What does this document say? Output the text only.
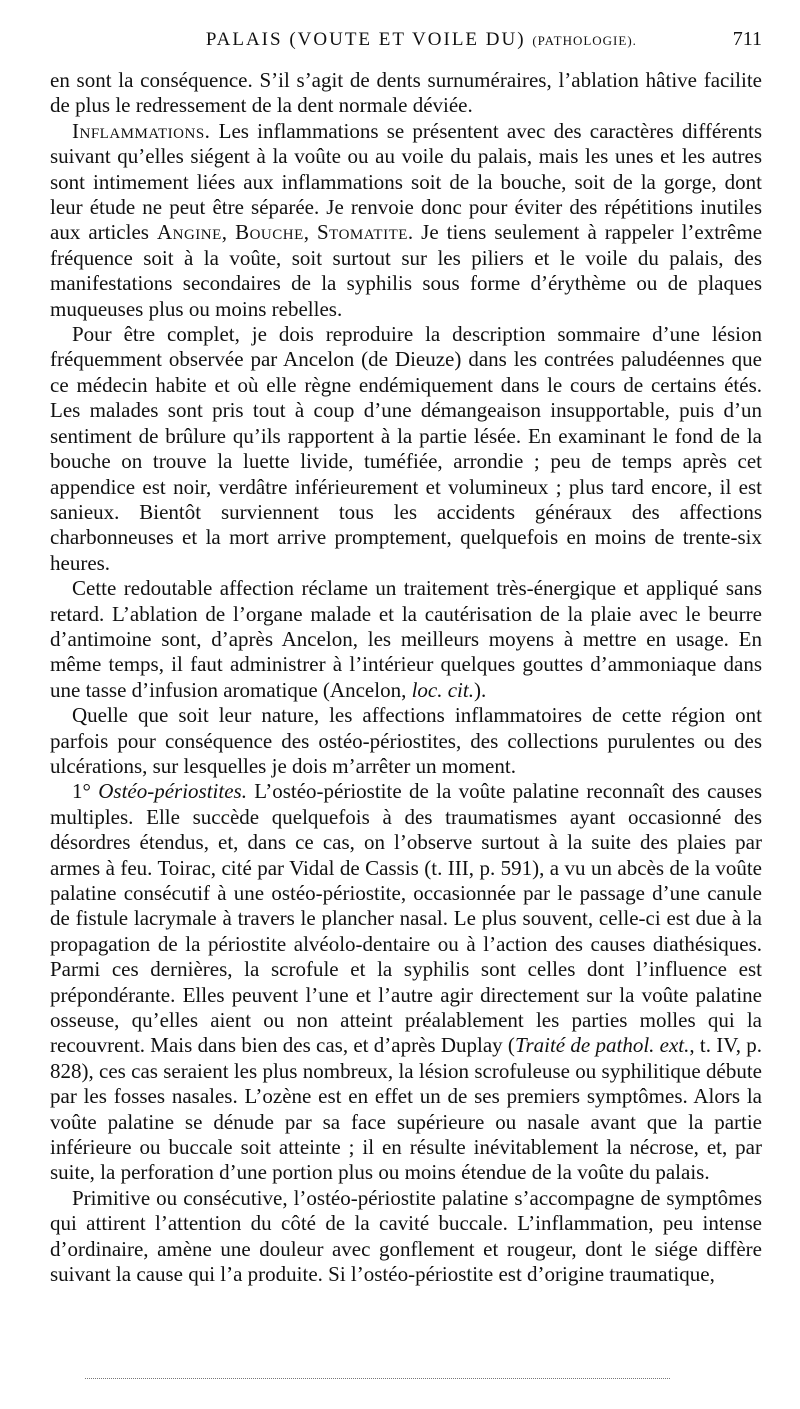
PALAIS (VOUTE ET VOILE DU) (PATHOLOGIE).	711

en sont la conséquence. S’il s’agit de dents surnuméraires, l’ablation hâtive facilite de plus le redressement de la dent normale déviée.

Inflammations. Les inflammations se présentent avec des caractères différents suivant qu’elles siégent à la voûte ou au voile du palais, mais les unes et les autres sont intimement liées aux inflammations soit de la bouche, soit de la gorge, dont leur étude ne peut être séparée. Je renvoie donc pour éviter des répétitions inutiles aux articles Angine, Bouche, Stomatite. Je tiens seulement à rappeler l’extrême fréquence soit à la voûte, soit surtout sur les piliers et le voile du palais, des manifestations secondaires de la syphilis sous forme d’érythème ou de plaques muqueuses plus ou moins rebelles.

Pour être complet, je dois reproduire la description sommaire d’une lésion fréquemment observée par Ancelon (de Dieuze) dans les contrées paludéennes que ce médecin habite et où elle règne endémiquement dans le cours de certains étés. Les malades sont pris tout à coup d’une démangeaison insupportable, puis d’un sentiment de brûlure qu’ils rapportent à la partie lésée. En examinant le fond de la bouche on trouve la luette livide, tuméfiée, arrondie ; peu de temps après cet appendice est noir, verdâtre inférieurement et volumineux ; plus tard encore, il est sanieux. Bientôt surviennent tous les accidents généraux des affections charbonneuses et la mort arrive promptement, quelquefois en moins de trente-six heures.

Cette redoutable affection réclame un traitement très-énergique et appliqué sans retard. L’ablation de l’organe malade et la cautérisation de la plaie avec le beurre d’antimoine sont, d’après Ancelon, les meilleurs moyens à mettre en usage. En même temps, il faut administrer à l’intérieur quelques gouttes d’ammoniaque dans une tasse d’infusion aromatique (Ancelon, loc. cit.).

Quelle que soit leur nature, les affections inflammatoires de cette région ont parfois pour conséquence des ostéo-périostites, des collections purulentes ou des ulcérations, sur lesquelles je dois m’arrêter un moment.

1° Ostéo-périostites. L’ostéo-périostite de la voûte palatine reconnaît des causes multiples. Elle succède quelquefois à des traumatismes ayant occasionné des désordres étendus, et, dans ce cas, on l’observe surtout à la suite des plaies par armes à feu. Toirac, cité par Vidal de Cassis (t. III, p. 591), a vu un abcès de la voûte palatine consécutif à une ostéo-périostite, occasionnée par le passage d’une canule de fistule lacrymale à travers le plancher nasal. Le plus souvent, celle-ci est due à la propagation de la périostite alvéolo-dentaire ou à l’action des causes diathésiques. Parmi ces dernières, la scrofule et la syphilis sont celles dont l’influence est prépondérante. Elles peuvent l’une et l’autre agir directement sur la voûte palatine osseuse, qu’elles aient ou non atteint préalablement les parties molles qui la recouvrent. Mais dans bien des cas, et d’après Duplay (Traité de pathol. ext., t. IV, p. 828), ces cas seraient les plus nombreux, la lésion scrofuleuse ou syphilitique débute par les fosses nasales. L’ozène est en effet un de ses premiers symptômes. Alors la voûte palatine se dénude par sa face supérieure ou nasale avant que la partie inférieure ou buccale soit atteinte ; il en résulte inévitablement la nécrose, et, par suite, la perforation d’une portion plus ou moins étendue de la voûte du palais.

Primitive ou consécutive, l’ostéo-périostite palatine s’accompagne de symptômes qui attirent l’attention du côté de la cavité buccale. L’inflammation, peu intense d’ordinaire, amène une douleur avec gonflement et rougeur, dont le siége diffère suivant la cause qui l’a produite. Si l’ostéo-périostite est d’origine traumatique,
